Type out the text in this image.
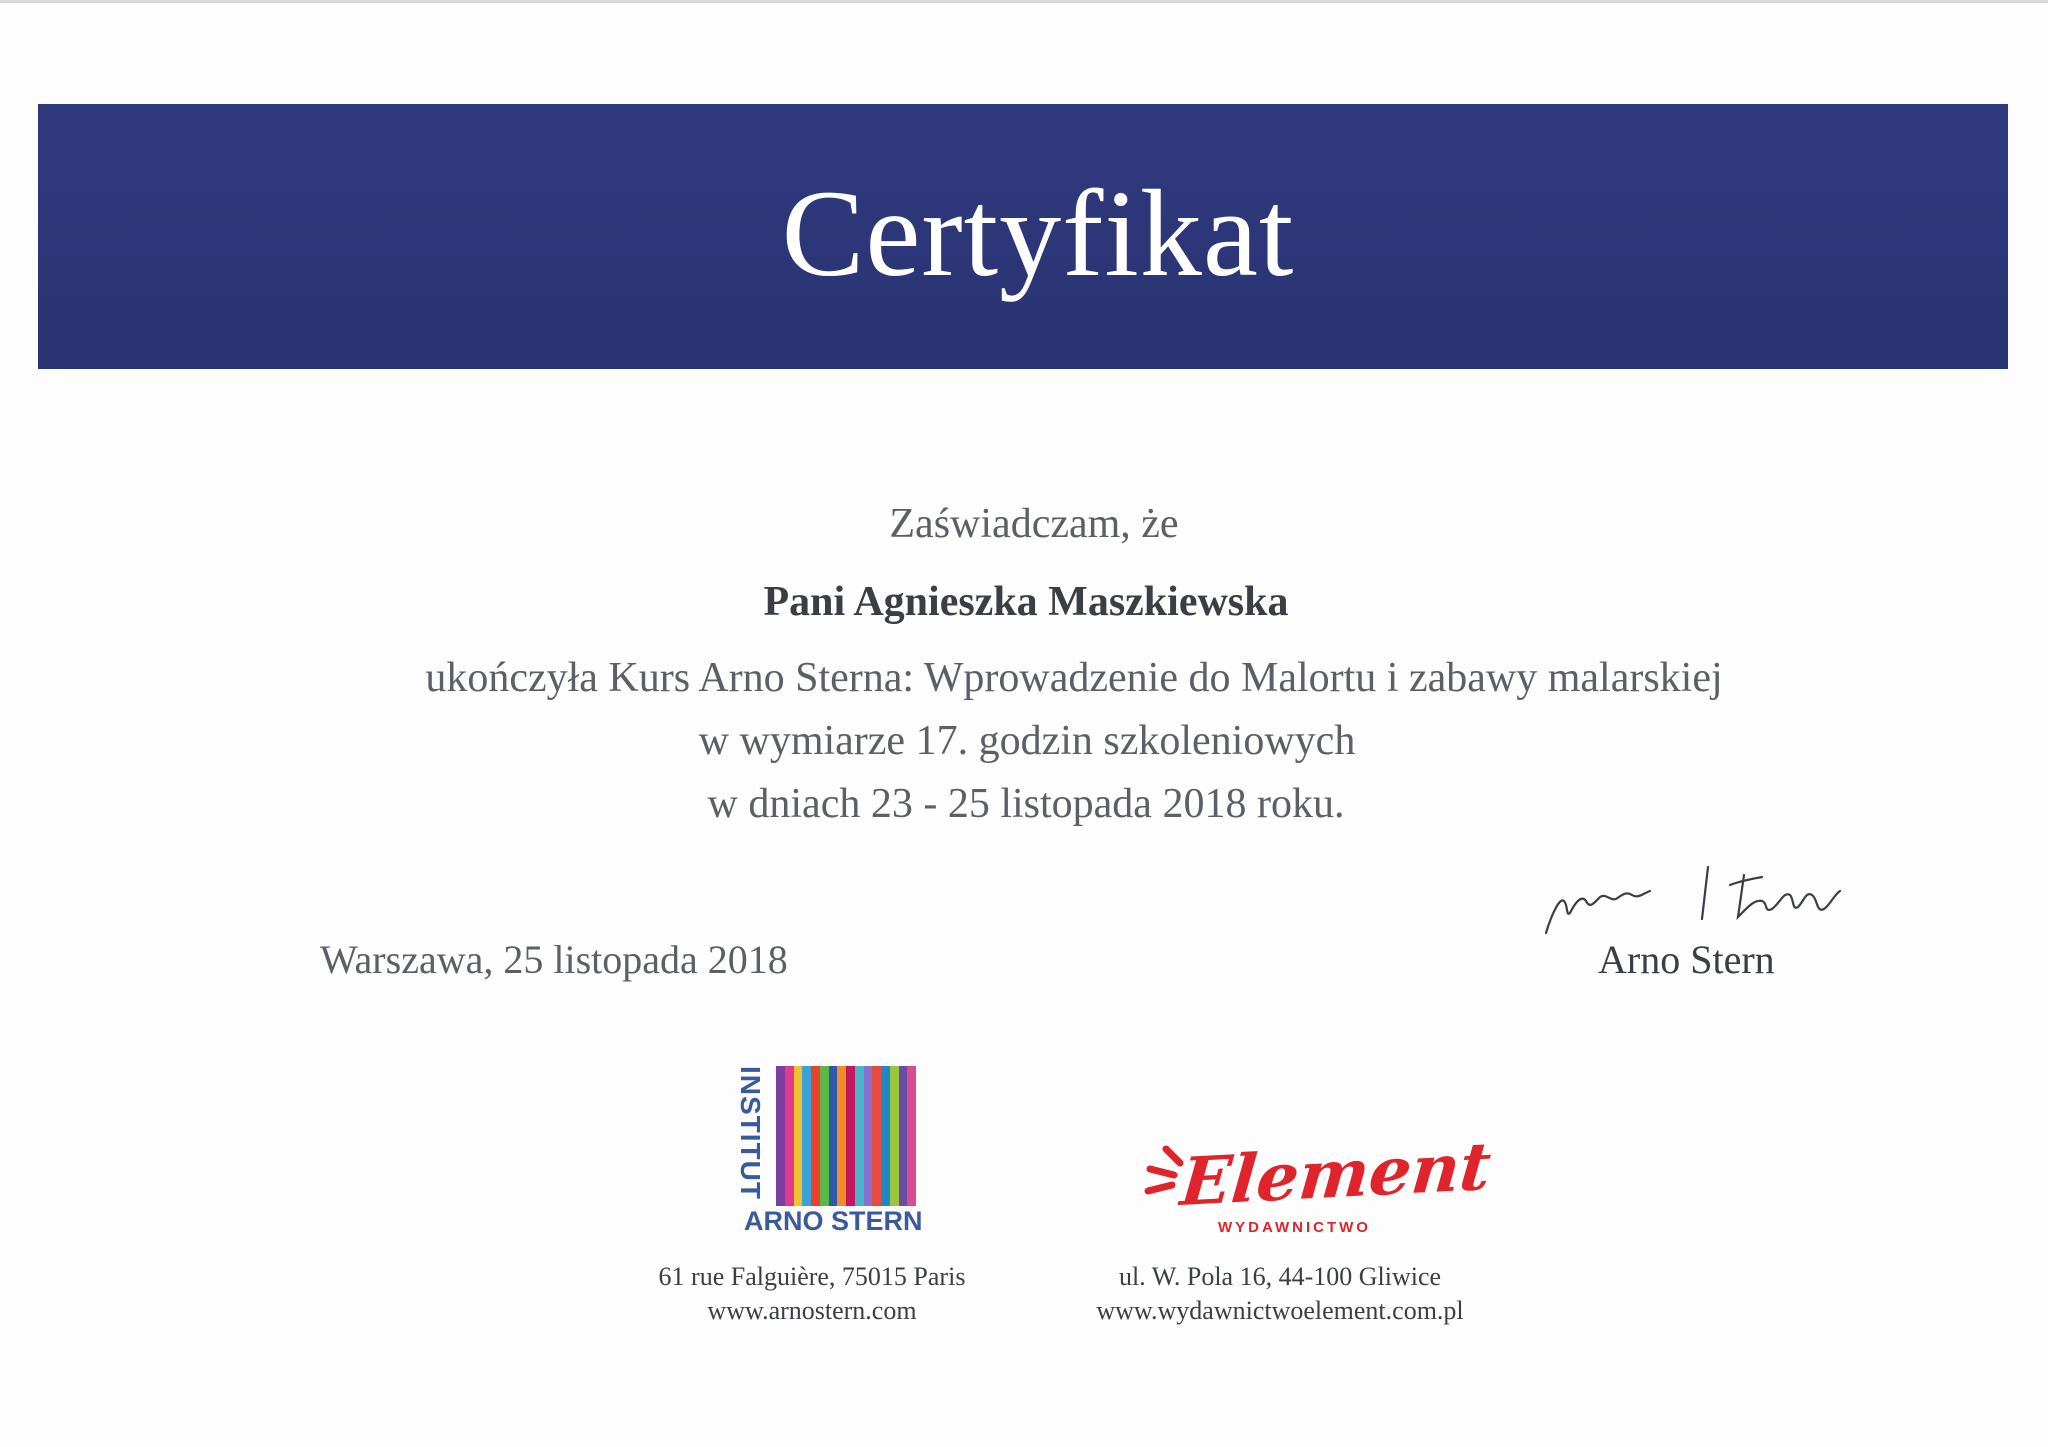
Certyfikat
Zaświadczam, że
Pani Agnieszka Maszkiewska
ukończyła Kurs Arno Sterna: Wprowadzenie do Malortu i zabawy malarskiej
w wymiarze 17. godzin szkoleniowych
w dniach 23 - 25 listopada 2018 roku.
Warszawa, 25 listopada 2018	Arno Stern
INSTITUT
ARNO STERN
Element
WYDAWNICTWO
61 rue Falguière, 75015 Paris
www.arnostern.com
ul. W. Pola 16, 44-100 Gliwice
www.wydawnictwoelement.com.pl
